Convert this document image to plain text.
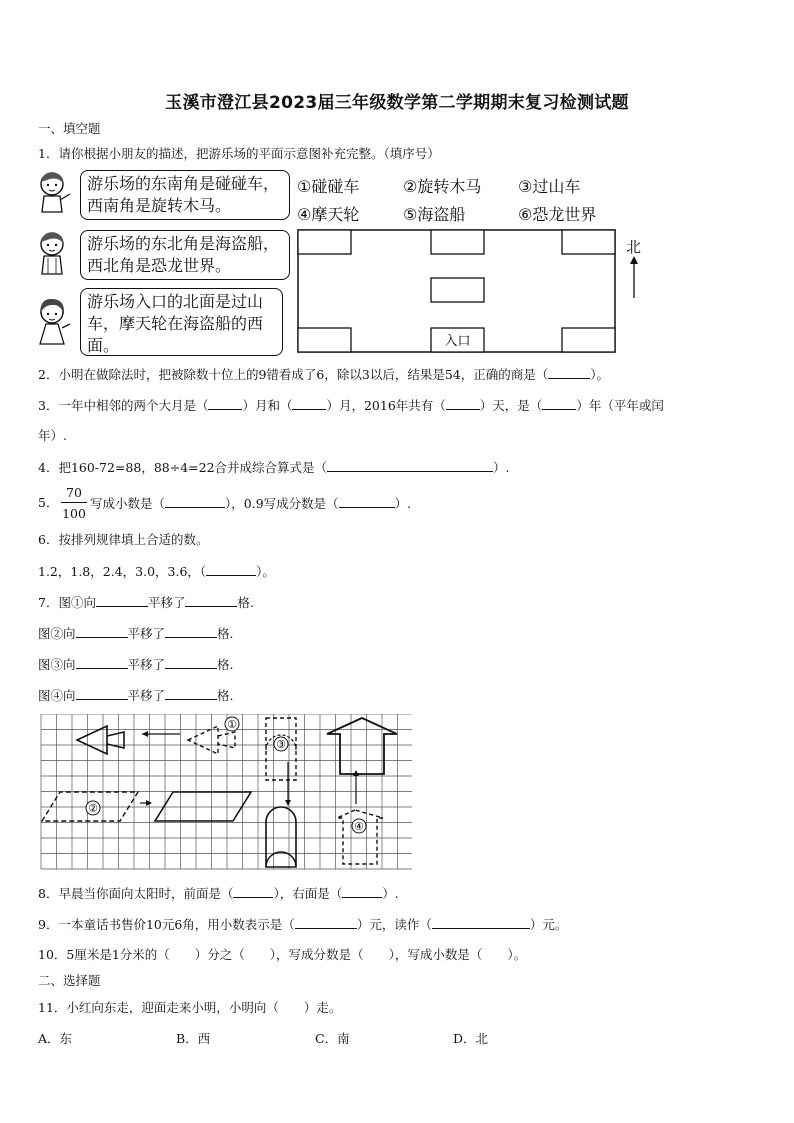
玉溪市澄江县2023届三年级数学第二学期期末复习检测试题
一、填空题
1．请你根据小朋友的描述，把游乐场的平面示意图补充完整。（填序号）
游乐场的东南角是碰碰车，西南角是旋转木马。
游乐场的东北角是海盗船，西北角是恐龙世界。
游乐场入口的北面是过山车，摩天轮在海盗船的西面。
①碰碰车	②旋转木马 ③过山车
④摩天轮	⑤海盗船	⑥恐龙世界
入口
北
2．小明在做除法时，把被除数十位上的9错看成了6，除以3以后，结果是54，正确的商是（	）。
3．一年中相邻的两个大月是（	）月和（	）月，2016年共有（	）天，是（	）年（平年或闰
年）.
4．把160-72=88，88÷4=22合并成综合算式是（	）.
5．
70
100
写成小数是（	），0.9写成分数是（	）.
6．按排列规律填上合适的数。
1.2，1.8，2.4，3.0，3.6，（	）。
7．图①向	平移了	格.
图②向	平移了	格.
图③向	平移了	格.
图④向	平移了	格.
①
③
②
④
8．早晨当你面向太阳时，前面是（	），右面是（	）.
9．一本童话书售价10元6角，用小数表示是（	）元，读作（	）元。
10．5厘米是1分米的（　　）分之（　　），写成分数是（　　），写成小数是（　　）。
二、选择题
11．小红向东走，迎面走来小明，小明向（　　）走。
A．东	B．西	C．南	D．北
